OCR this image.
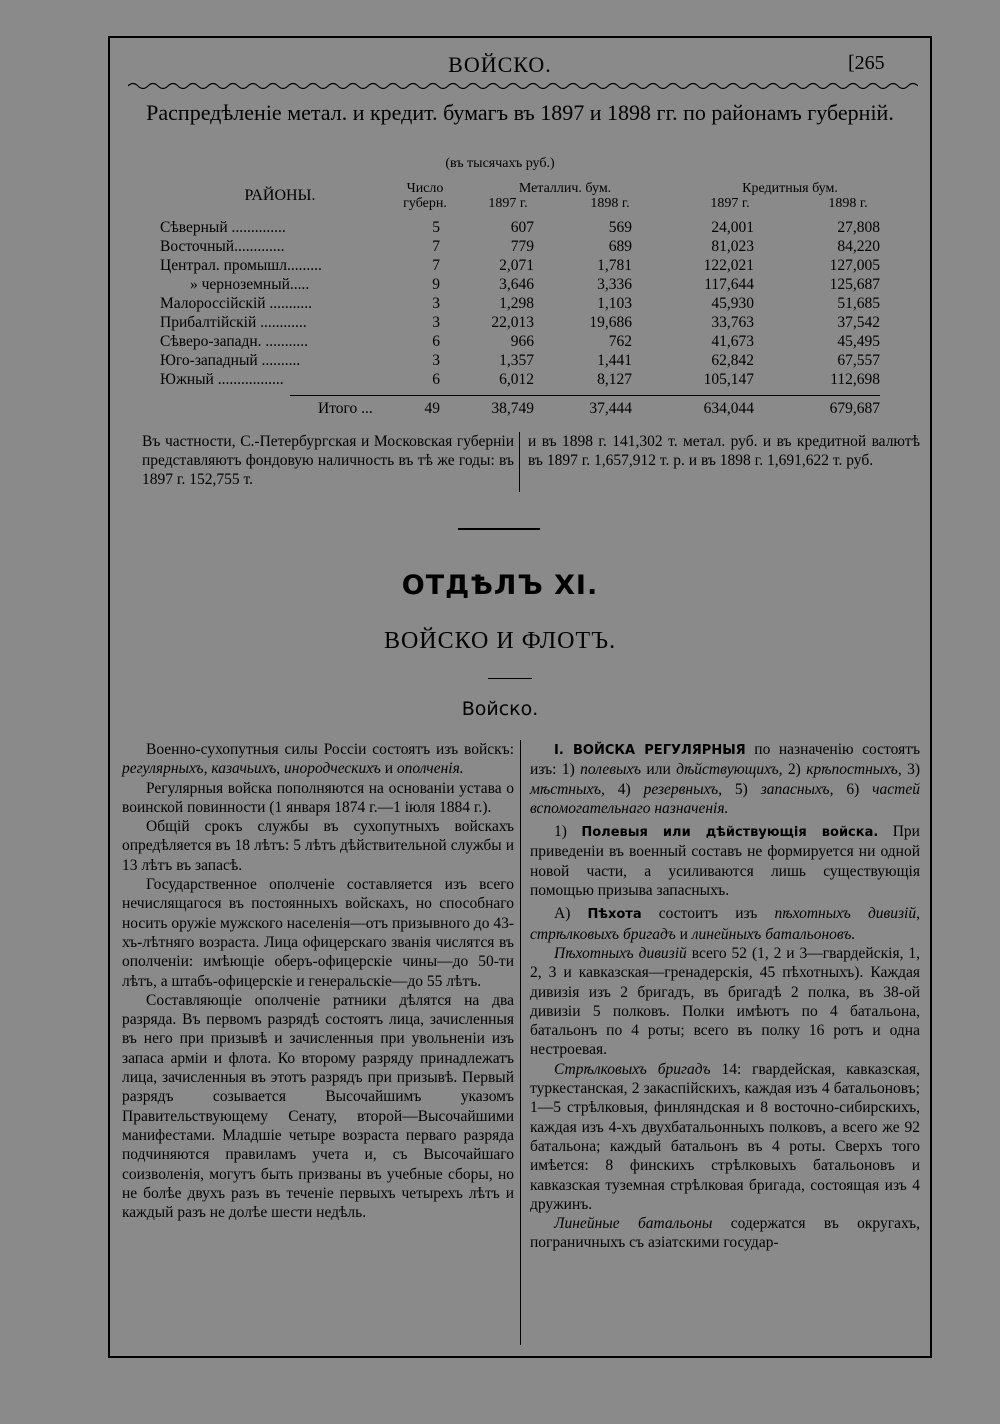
ВОЙСКО.	[265
Распредѣленіе метал. и кредит. бумагъ въ 1897 и 1898 гг. по районамъ губерній.
(въ тысячахъ руб.)
РАЙОНЫ.	Число
губерн.
Металлич. бум.
1897 г.	1898 г.
Кредитныя бум.
1897 г.	1898 г.
Сѣверный ..............	5	607	569	24,001	27,808
Восточный.............	7	779	689	81,023	84,220
Централ. промышл.........	7	2,071	1,781	122,021	127,005
» черноземный.....	9	3,646	3,336	117,644	125,687
Малороссійскій ...........	3	1,298	1,103	45,930	51,685
Прибалтійскій ............	3	22,013	19,686	33,763	37,542
Сѣверо-западн. ...........	6	966	762	41,673	45,495
Юго-западный ..........	3	1,357	1,441	62,842	67,557
Южный .................	6	6,012	8,127	105,147	112,698
Итого ...	49	38,749	37,444	634,044	679,687
Въ частности, С.-Петербургская и Московская губерніи представляютъ фондовую наличность въ тѣ же годы: въ 1897 г. 152,755 т.
и въ 1898 г. 141,302 т. метал. руб. и въ кредитной валютѣ въ 1897 г. 1,657,912 т. р. и въ 1898 г. 1,691,622 т. руб.
ОТДѢЛЪ XI.
ВОЙСКО И ФЛОТЪ.
Войско.

Военно-сухопутныя силы Россіи состоятъ изъ войскъ: регулярныхъ, казачьихъ, инородческихъ и ополченія.

Регулярныя войска пополняются на основаніи устава о воинской повинности (1 января 1874 г.—1 іюля 1884 г.).

Общій срокъ службы въ сухопутныхъ войскахъ опредѣляется въ 18 лѣтъ: 5 лѣтъ дѣйствительной службы и 13 лѣтъ въ запасѣ.

Государственное ополченіе составляется изъ всего нечислящагося въ постоянныхъ войскахъ, но способнаго носить оружіе мужского населенія—отъ призывного до 43-хъ-лѣтняго возраста. Лица офицерскаго званія числятся въ ополченіи: имѣющіе оберъ-офицерскіе чины—до 50-ти лѣтъ, а штабъ-офицерскіе и генеральскіе—до 55 лѣтъ.

Составляющіе ополченіе ратники дѣлятся на два разряда. Въ первомъ разрядѣ состоятъ лица, зачисленныя въ него при призывѣ и зачисленныя при увольненіи изъ запаса арміи и флота. Ко второму разряду принадлежатъ лица, зачисленныя въ этотъ разрядъ при призывѣ. Первый разрядъ созывается Высочайшимъ указомъ Правительствующему Сенату, второй—Высочайшими манифестами. Младшіе четыре возраста перваго разряда подчиняются правиламъ учета и, съ Высочайшаго соизволенія, могутъ быть призваны въ учебные сборы, но не болѣе двухъ разъ въ теченіе первыхъ четырехъ лѣтъ и каждый разъ не долѣе шести недѣль.

I. ВОЙСКА РЕГУЛЯРНЫЯ по назначенію состоятъ изъ: 1) полевыхъ или дѣйствующихъ, 2) крѣпостныхъ, 3) мѣстныхъ, 4) резервныхъ, 5) запасныхъ, 6) частей вспомогательнаго назначенія.

1) Полевыя или дѣйствующія войска. При приведеніи въ военный составъ не формируется ни одной новой части, а усиливаются лишь существующія помощью призыва запасныхъ.

А) Пѣхота состоитъ изъ пѣхотныхъ дивизій, стрѣлковыхъ бригадъ и линейныхъ батальоновъ.

Пѣхотныхъ дивизій всего 52 (1, 2 и 3—гвардейскія, 1, 2, 3 и кавказская—гренадерскія, 45 пѣхотныхъ). Каждая дивизія изъ 2 бригадъ, въ бригадѣ 2 полка, въ 38-ой дивизіи 5 полковъ. Полки имѣютъ по 4 батальона, батальонъ по 4 роты; всего въ полку 16 ротъ и одна нестроевая.

Стрѣлковыхъ бригадъ 14: гвардейская, кавказская, туркестанская, 2 закаспійскихъ, каждая изъ 4 батальоновъ; 1—5 стрѣлковыя, финляндская и 8 восточно-сибирскихъ, каждая изъ 4-хъ двухбатальонныхъ полковъ, а всего же 92 батальона; каждый батальонъ въ 4 роты. Сверхъ того имѣется: 8 финскихъ стрѣлковыхъ батальоновъ и кавказская туземная стрѣлковая бригада, состоящая изъ 4 дружинъ.

Линейные батальоны содержатся въ округахъ, пограничныхъ съ азіатскими государ-
